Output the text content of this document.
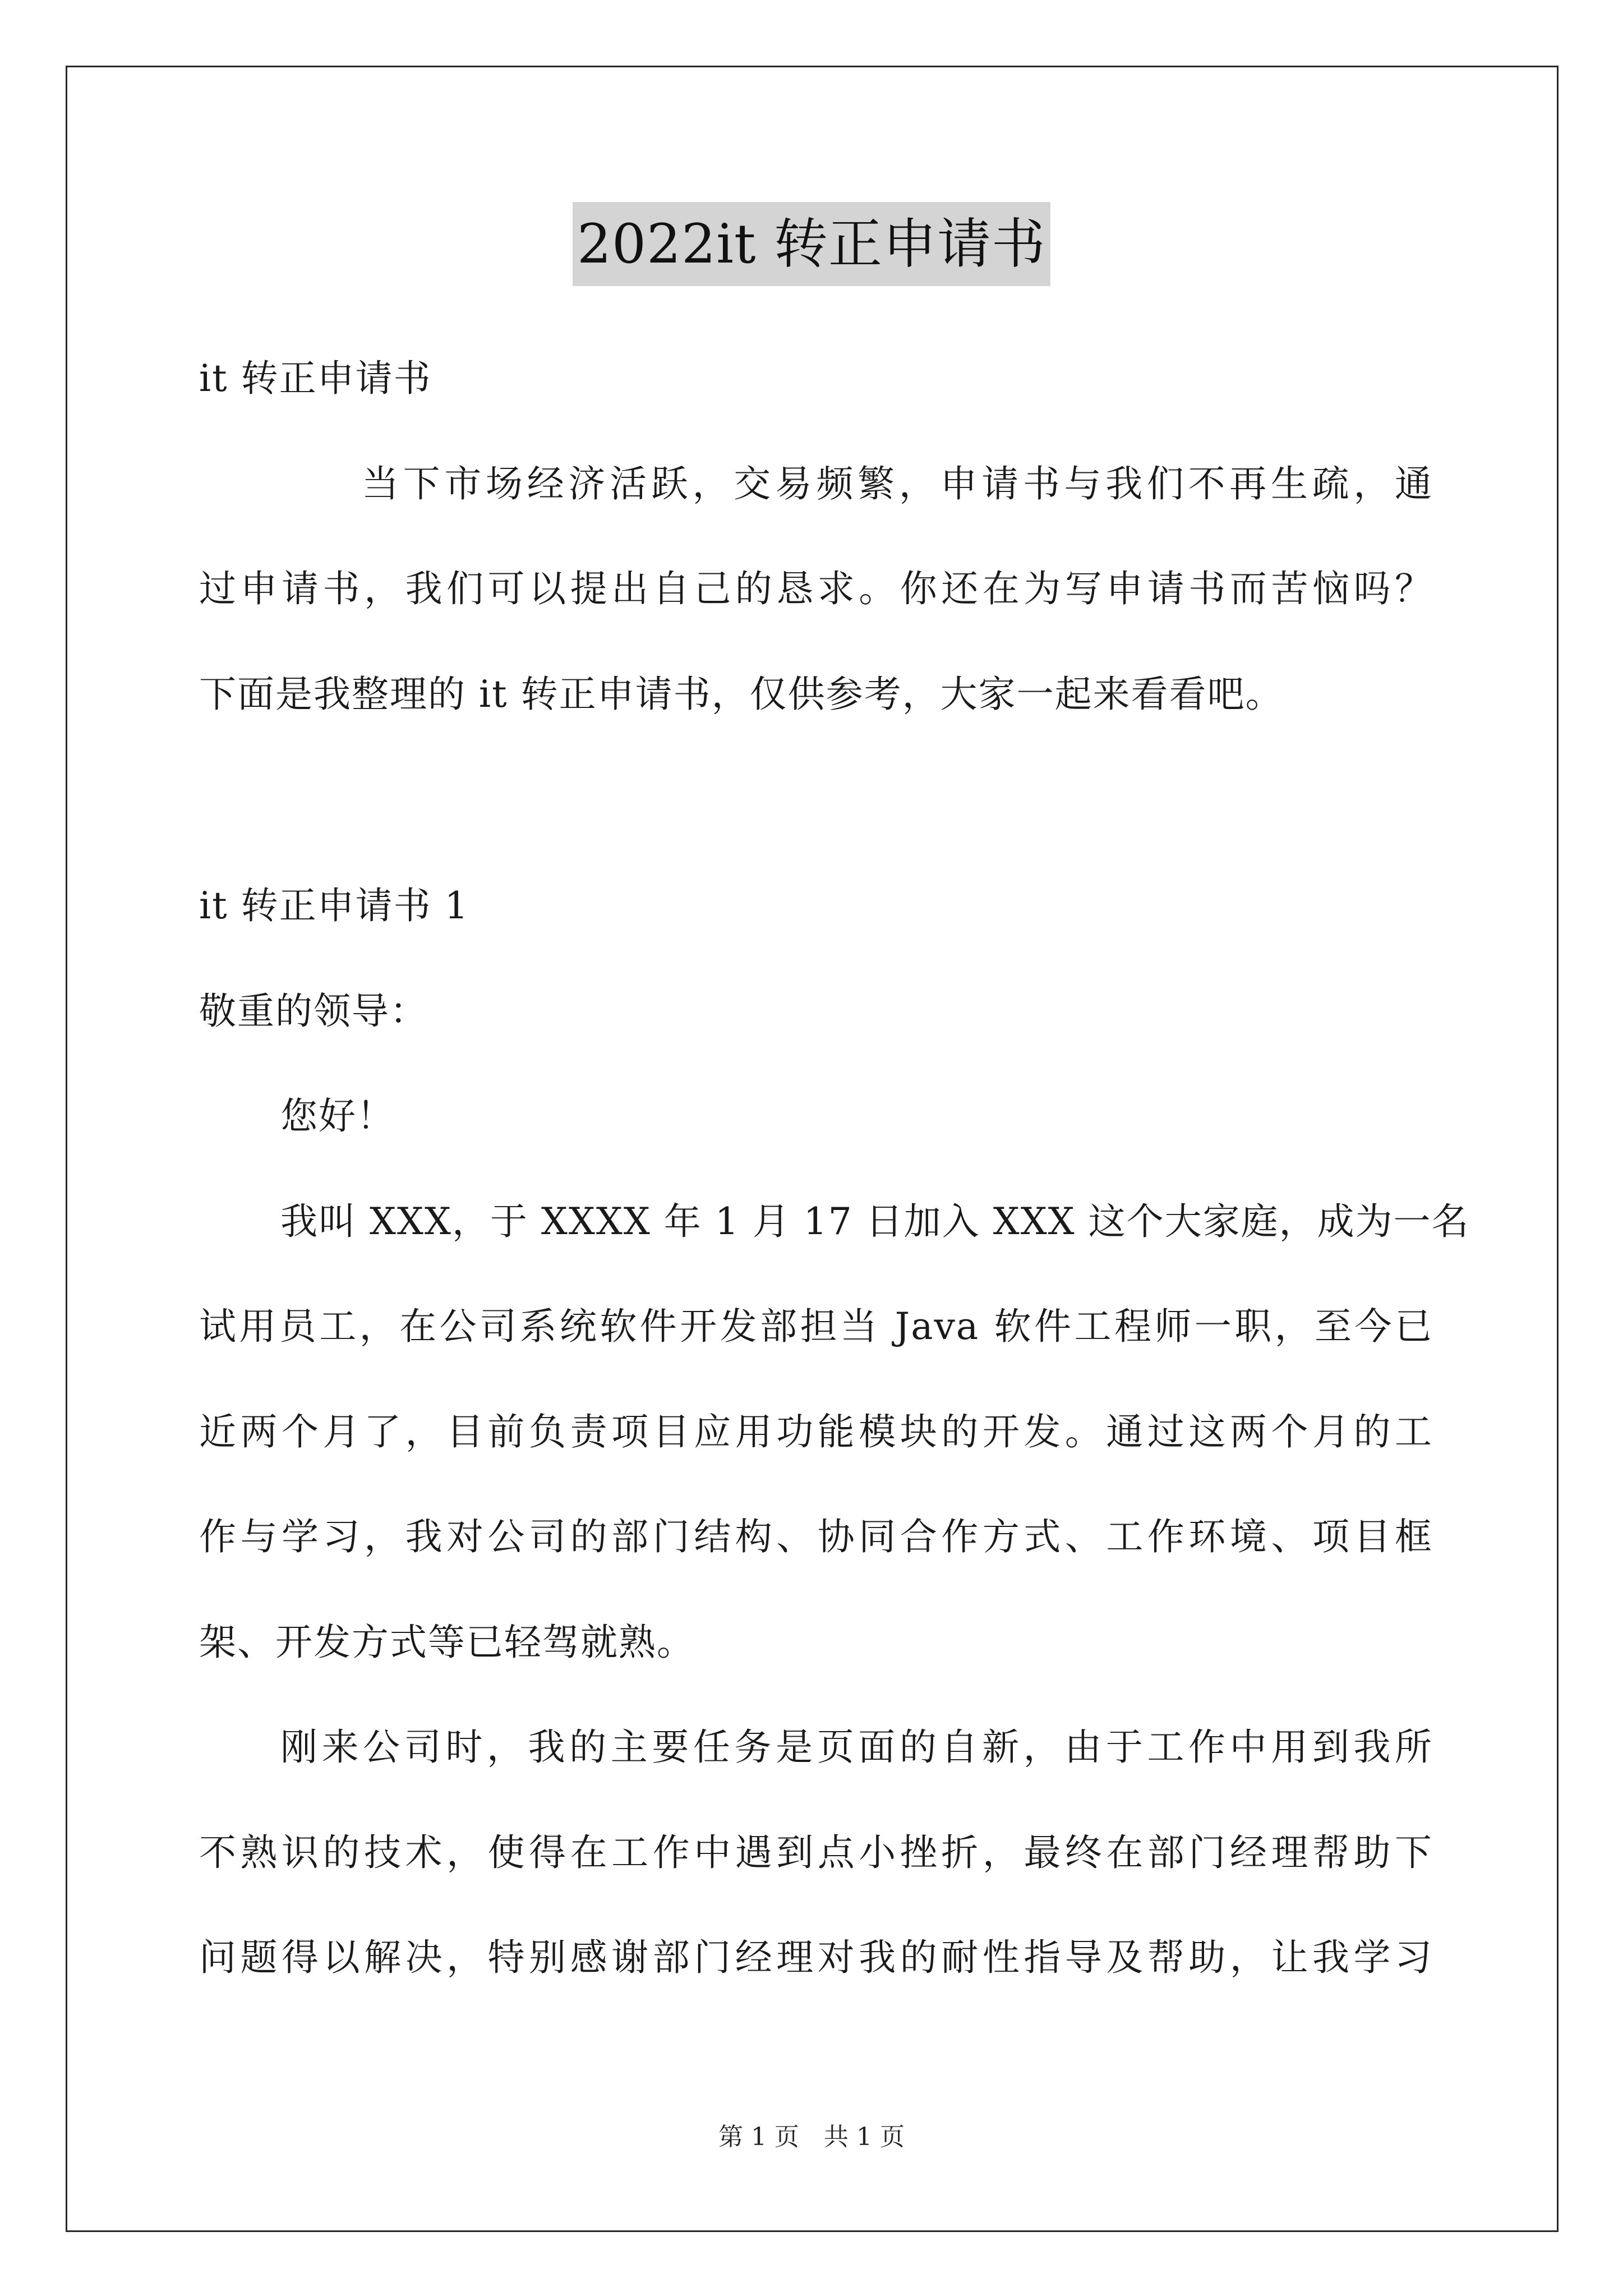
2022it 转正申请书
it 转正申请书
当下市场经济活跃，交易频繁，申请书与我们不再生疏，通
过申请书，我们可以提出自己的恳求。你还在为写申请书而苦恼吗？
下面是我整理的 it 转正申请书，仅供参考，大家一起来看看吧。
it 转正申请书 1
敬重的领导：
您好！
我叫 XXX，于 XXXX 年 1 月 17 日加入 XXX 这个大家庭，成为一名
试用员工，在公司系统软件开发部担当 Java 软件工程师一职，至今已
近两个月了，目前负责项目应用功能模块的开发。通过这两个月的工
作与学习，我对公司的部门结构、协同合作方式、工作环境、项目框
架、开发方式等已轻驾就熟。
刚来公司时，我的主要任务是页面的自新，由于工作中用到我所
不熟识的技术，使得在工作中遇到点小挫折，最终在部门经理帮助下
问题得以解决，特别感谢部门经理对我的耐性指导及帮助，让我学习
第 1 页　共 1 页
